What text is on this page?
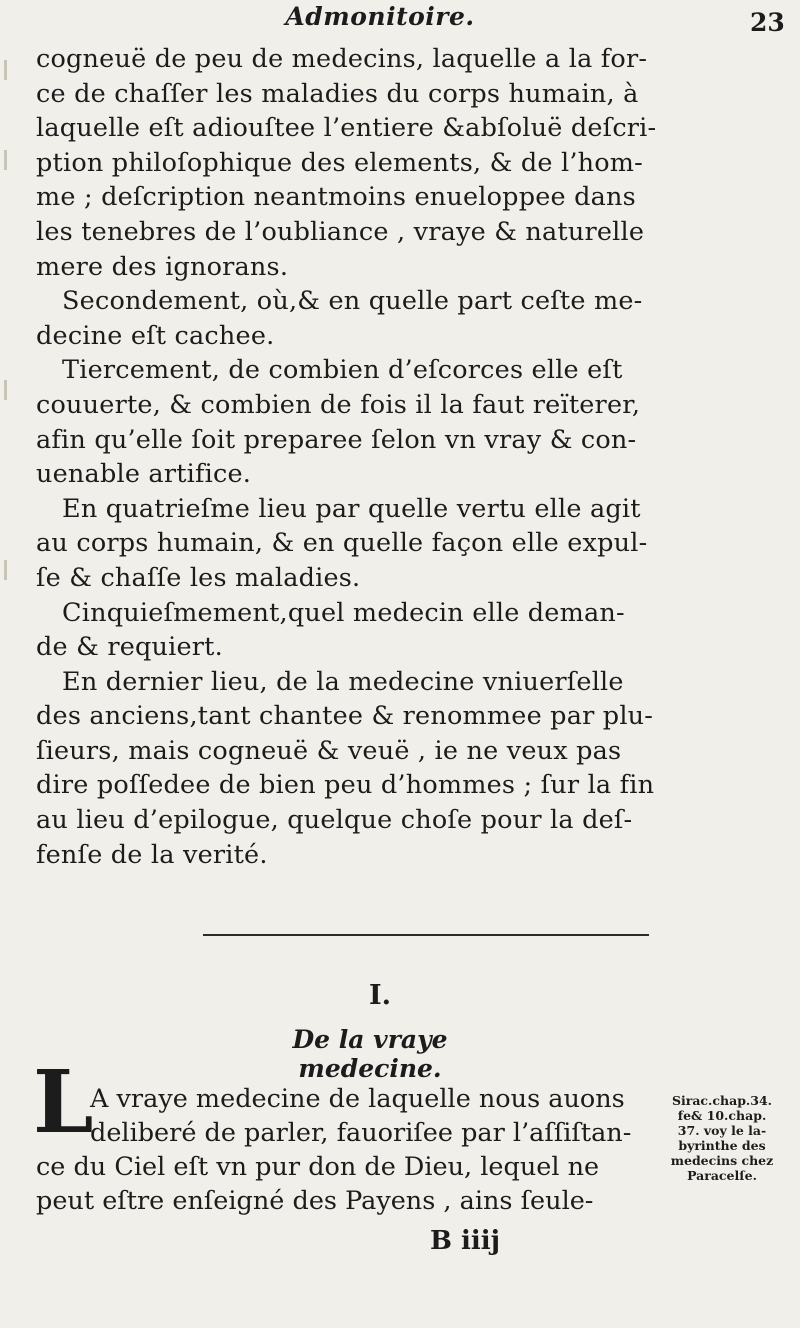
Admonitoire.	23
cogneuë de peu de medecins, laquelle a la for-
ce de chaſſer les maladies du corps humain, à
laquelle eſt adiouſtee l’entiere &abſoluë deſcri-
ption philoſophique des elements, & de l’hom-
me ; deſcription neantmoins enueloppee dans
les tenebres de l’oubliance , vraye & naturelle
mere des ignorans.
Secondement, où,& en quelle part ceſte me-
decine eſt cachee.
Tiercement, de combien d’eſcorces elle eſt
couuerte, & combien de fois il la faut reïterer,
afin qu’elle ſoit preparee ſelon vn vray & con-
uenable artifice.
En quatrieſme lieu par quelle vertu elle agit
au corps humain, & en quelle façon elle expul-
ſe & chaſſe les maladies.
Cinquieſmement,quel medecin elle deman-
de & requiert.
En dernier lieu, de la medecine vniuerſelle
des anciens,tant chantee & renommee par plu-
ſieurs, mais cogneuë & veuë , ie ne veux pas
dire poſſedee de bien peu d’hommes ; ſur la fin
au lieu d’epilogue, quelque choſe pour la deſ-
fenſe de la verité.
I.
De la vraye medecine.
L
A vraye medecine de laquelle nous auons
deliberé de parler, fauoriſee par l’aſſiſtan-
ce du Ciel eſt vn pur don de Dieu, lequel ne
peut eſtre enſeigné des Payens , ains ſeule-
Sirac.chap.34.
fe& 10.chap.
37. voy le la-
byrinthe des
medecins chez
Paracelſe.
B iiij
